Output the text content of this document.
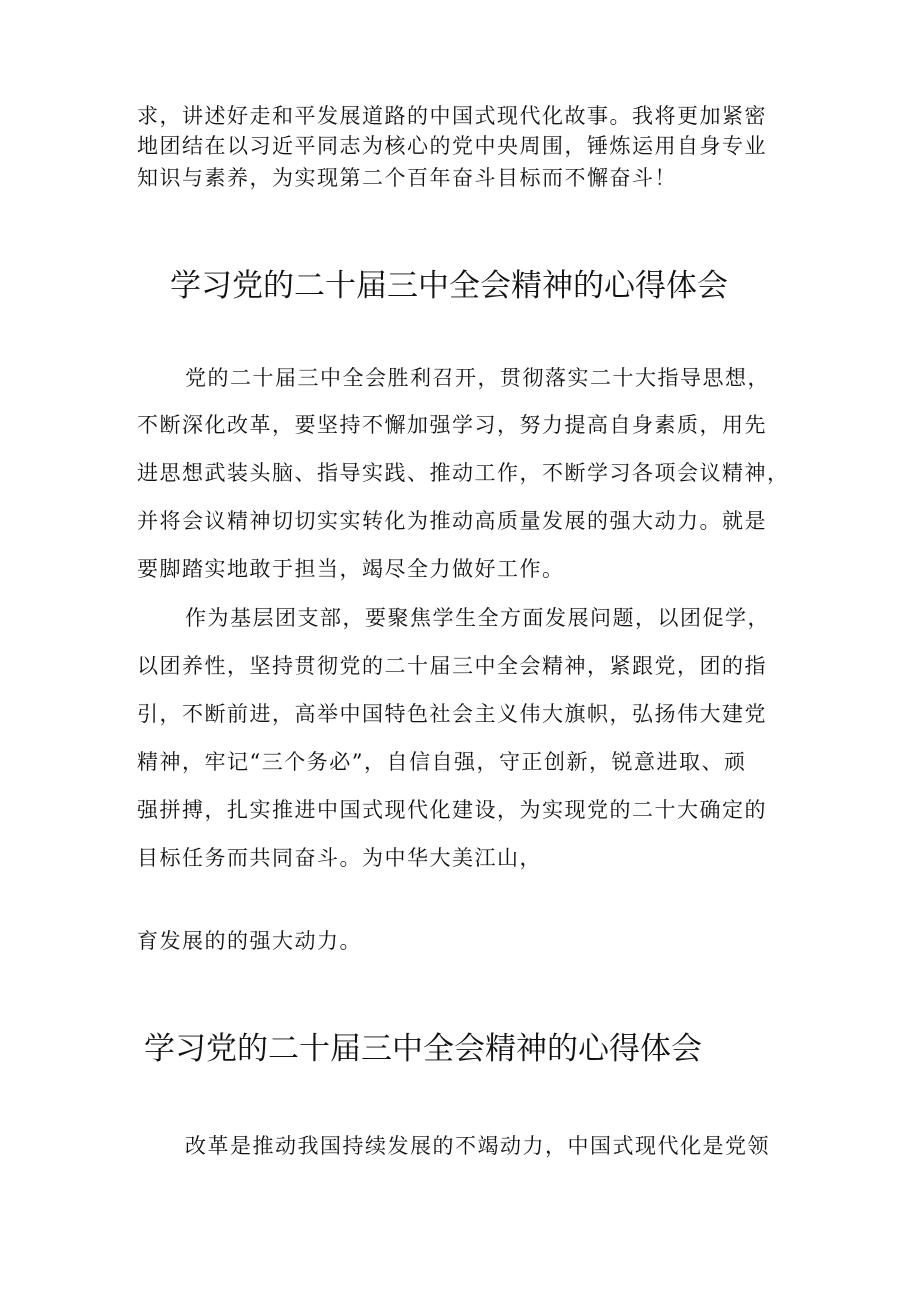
求，讲述好走和平发展道路的中国式现代化故事。我将更加紧密

地团结在以习近平同志为核心的党中央周围，锤炼运用自身专业

知识与素养，为实现第二个百年奋斗目标而不懈奋斗！

学习党的二十届三中全会精神的心得体会

党的二十届三中全会胜利召开，贯彻落实二十大指导思想，

不断深化改革，要坚持不懈加强学习，努力提高自身素质，用先

进思想武装头脑、指导实践、推动工作，不断学习各项会议精神，

并将会议精神切切实实转化为推动高质量发展的强大动力。就是

要脚踏实地敢于担当，竭尽全力做好工作。

作为基层团支部，要聚焦学生全方面发展问题，以团促学，

以团养性，坚持贯彻党的二十届三中全会精神，紧跟党，团的指

引，不断前进，高举中国特色社会主义伟大旗帜，弘扬伟大建党

精神，牢记“三个务必”，自信自强，守正创新，锐意进取、顽

强拼搏，扎实推进中国式现代化建设，为实现党的二十大确定的

目标任务而共同奋斗。为中华大美江山，

育发展的的强大动力。

学习党的二十届三中全会精神的心得体会

改革是推动我国持续发展的不竭动力，中国式现代化是党领
